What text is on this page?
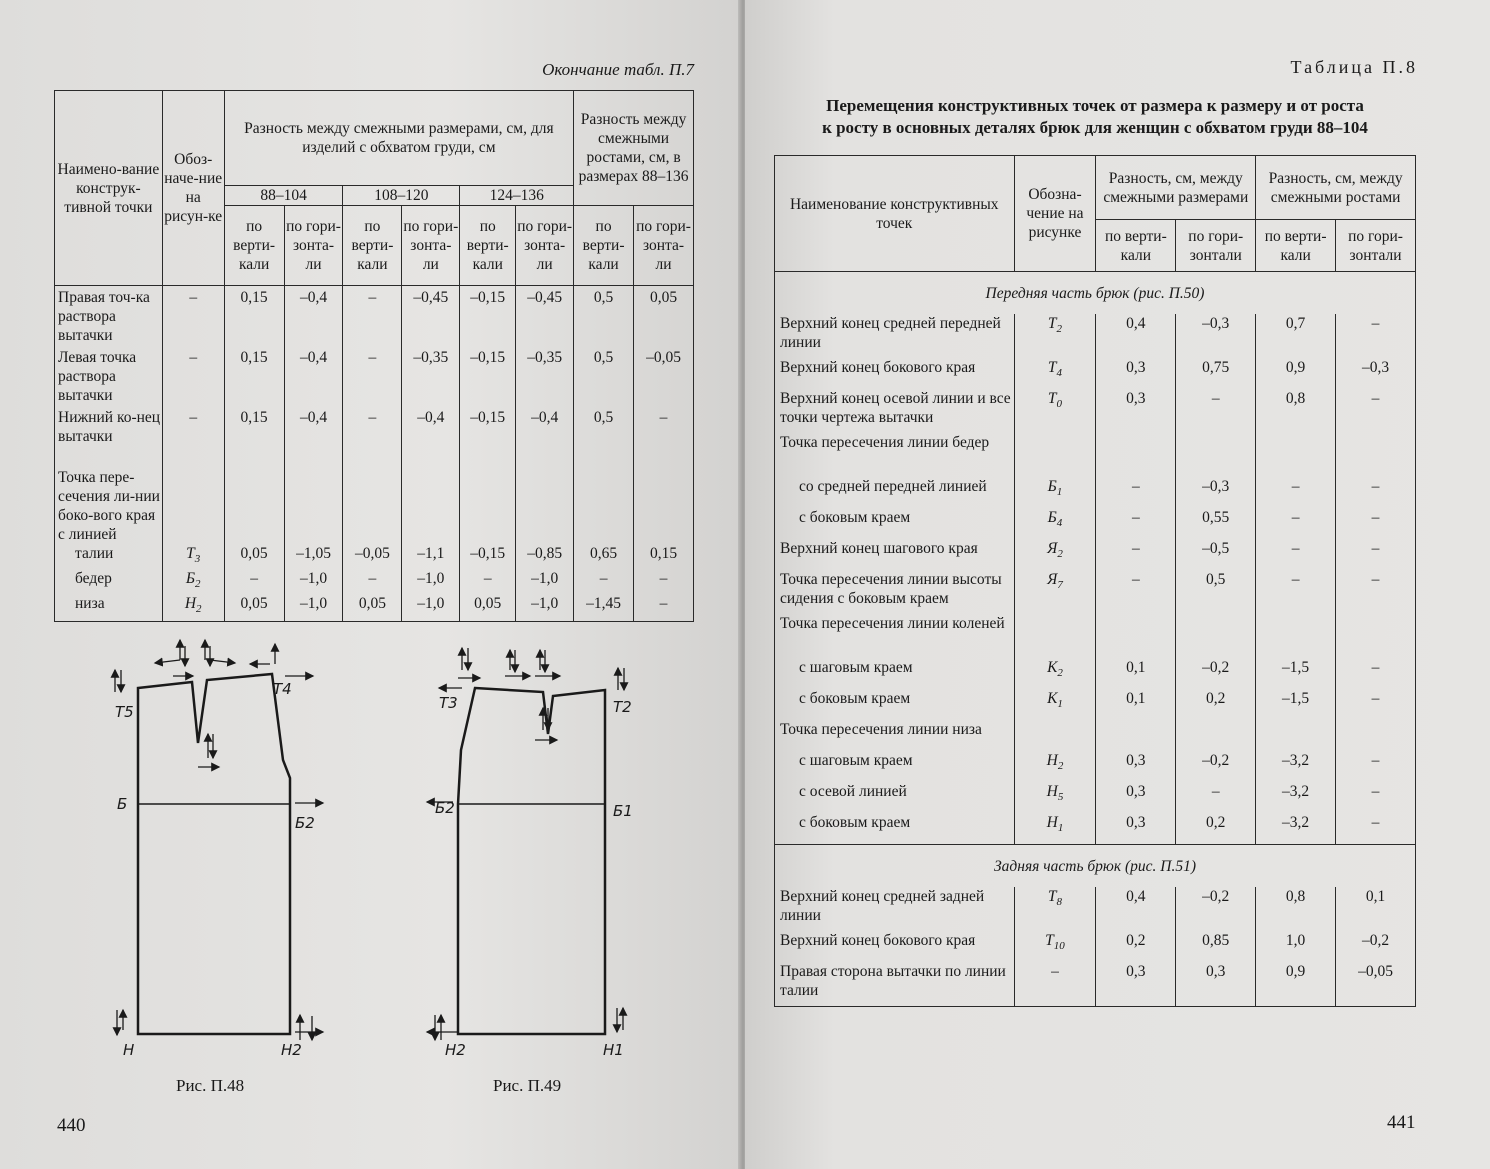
Окончание табл. П.7
Наимено-вание конструк-тивной точки	Обоз-наче-ние на рисун-ке	Разность между смежными размерами, см, для изделий с обхватом груди, см						Разность между смежными ростами, см, в размерах 88–136	
		88–104		108–120		124–136			
		по верти-кали	по гори-зонта-ли	по верти-кали	по гори-зонта-ли	по верти-кали	по гори-зонта-ли	по верти-кали	по гори-зонта-ли
Правая точ-ка раствора вытачки	–	0,15	–0,4	–	–0,45	–0,15	–0,45	0,5	0,05
Левая точка раствора вытачки	–	0,15	–0,4	–	–0,35	–0,15	–0,35	0,5	–0,05
Нижний ко-нец вытачки	–	0,15	–0,4	–	–0,4	–0,15	–0,4	0,5	–
Точка пере-сечения ли-нии боко-вого края с линией									
талии	$Т_3$	0,05	–1,05	–0,05	–1,1	–0,15	–0,85	0,65	0,15
бедер	$Б_2$	–	–1,0	–	–1,0	–	–1,0	–	–
низа	$Н_2$	0,05	–1,0	0,05	–1,0	0,05	–1,0	–1,45	–
Т5
Т4
Б
Б2
Н	Н2
Т3	Т2
Б2	Б1
Н2	Н1
Рис. П.48	Рис. П.49
440
Таблица П.8
Перемещения конструктивных точек от размера к размеру и от роста
к росту в основных деталях брюк для женщин с обхватом груди 88–104
Наименование конструктивных точек	Обозна-чение на рисунке	Разность, см, между смежными размерами		Разность, см, между смежными ростами	
		по верти-кали	по гори-зонтали	по верти-кали	по гори-зонтали
Передняя часть брюк (рис. П.50)					
Верхний конец средней передней линии	$Т_2$	0,4	–0,3	0,7	–
Верхний конец бокового края	$Т_4$	0,3	0,75	0,9	–0,3
Верхний конец осевой линии и все точки чертежа вытачки	$Т_0$	0,3	–	0,8	–
Точка пересечения линии бедер					
со средней передней линией	$Б_1$	–	–0,3	–	–
с боковым краем	$Б_4$	–	0,55	–	–
Верхний конец шагового края	$Я_2$	–	–0,5	–	–
Точка пересечения линии высоты сидения с боковым краем	$Я_7$	–	0,5	–	–
Точка пересечения линии коленей					
с шаговым краем	$К_2$	0,1	–0,2	–1,5	–
с боковым краем	$К_1$	0,1	0,2	–1,5	–
Точка пересечения линии низа					
с шаговым краем	$Н_2$	0,3	–0,2	–3,2	–
с осевой линией	$Н_5$	0,3	–	–3,2	–
с боковым краем	$Н_1$	0,3	0,2	–3,2	–
Задняя часть брюк (рис. П.51)					
Верхний конец средней задней линии	$Т_8$	0,4	–0,2	0,8	0,1
Верхний конец бокового края	$Т_{10}$	0,2	0,85	1,0	–0,2
Правая сторона вытачки по линии талии	–	0,3	0,3	0,9	–0,05
441
